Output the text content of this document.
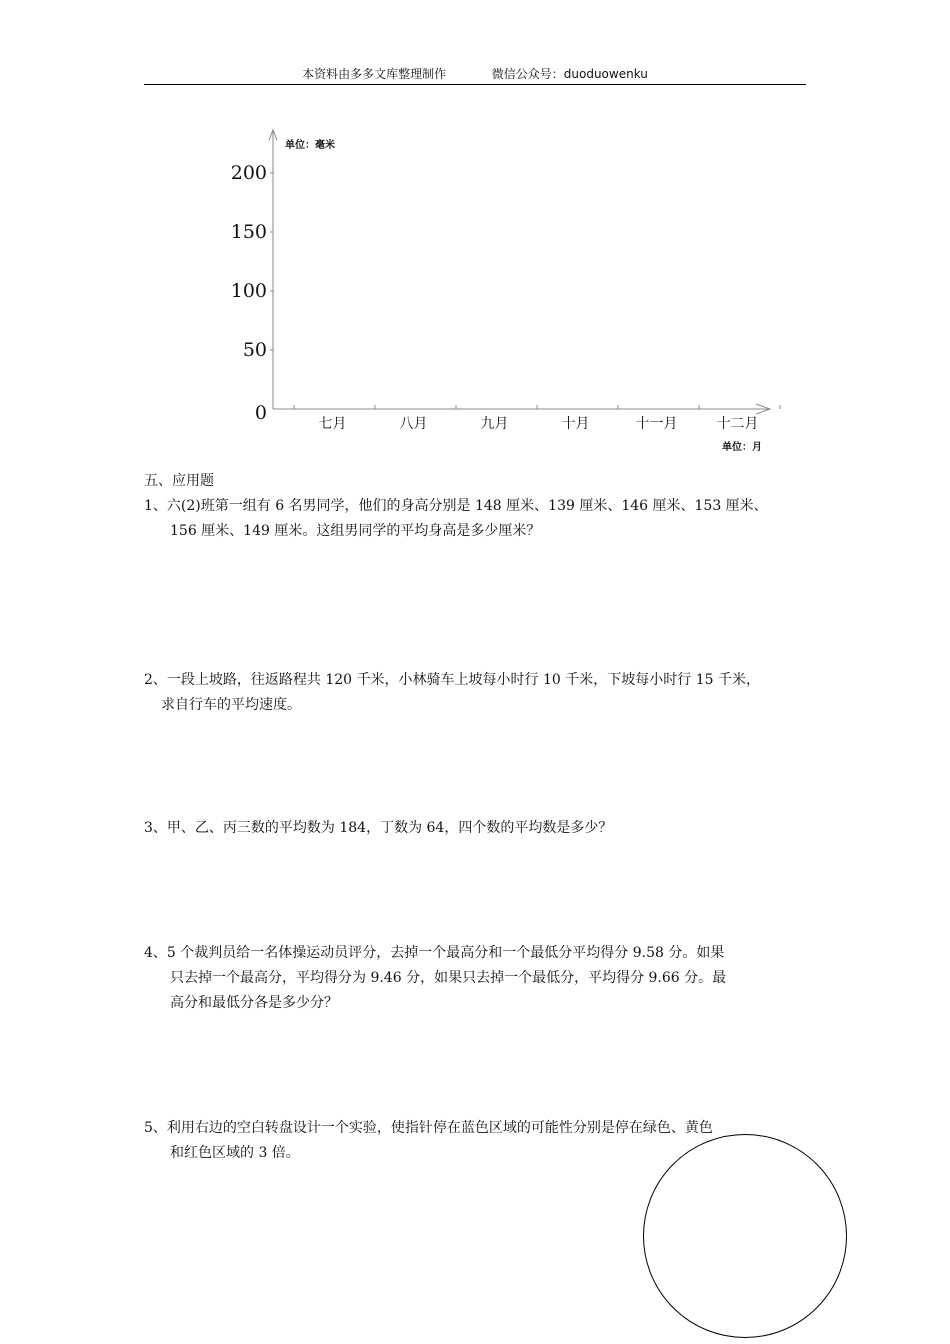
本资料由多多文库整理制作	微信公众号：duoduowenku
0
50
100
150
200
七月	八月	九月	十月	十一月	十二月
单位：毫米
单位：月
五、应用题
1、六(2)班第一组有 6 名男同学，他们的身高分别是 148 厘米、139 厘米、146 厘米、153 厘米、
156 厘米、149 厘米。这组男同学的平均身高是多少厘米？
2、一段上坡路，往返路程共 120 千米，小林骑车上坡每小时行 10 千米，下坡每小时行 15 千米，
求自行车的平均速度。
3、甲、乙、丙三数的平均数为 184，丁数为 64，四个数的平均数是多少？
4、5 个裁判员给一名体操运动员评分，去掉一个最高分和一个最低分平均得分 9.58 分。如果
只去掉一个最高分，平均得分为 9.46 分，如果只去掉一个最低分，平均得分 9.66 分。最
高分和最低分各是多少分？
5、利用右边的空白转盘设计一个实验，使指针停在蓝色区域的可能性分别是停在绿色、黄色
和红色区域的 3 倍。
